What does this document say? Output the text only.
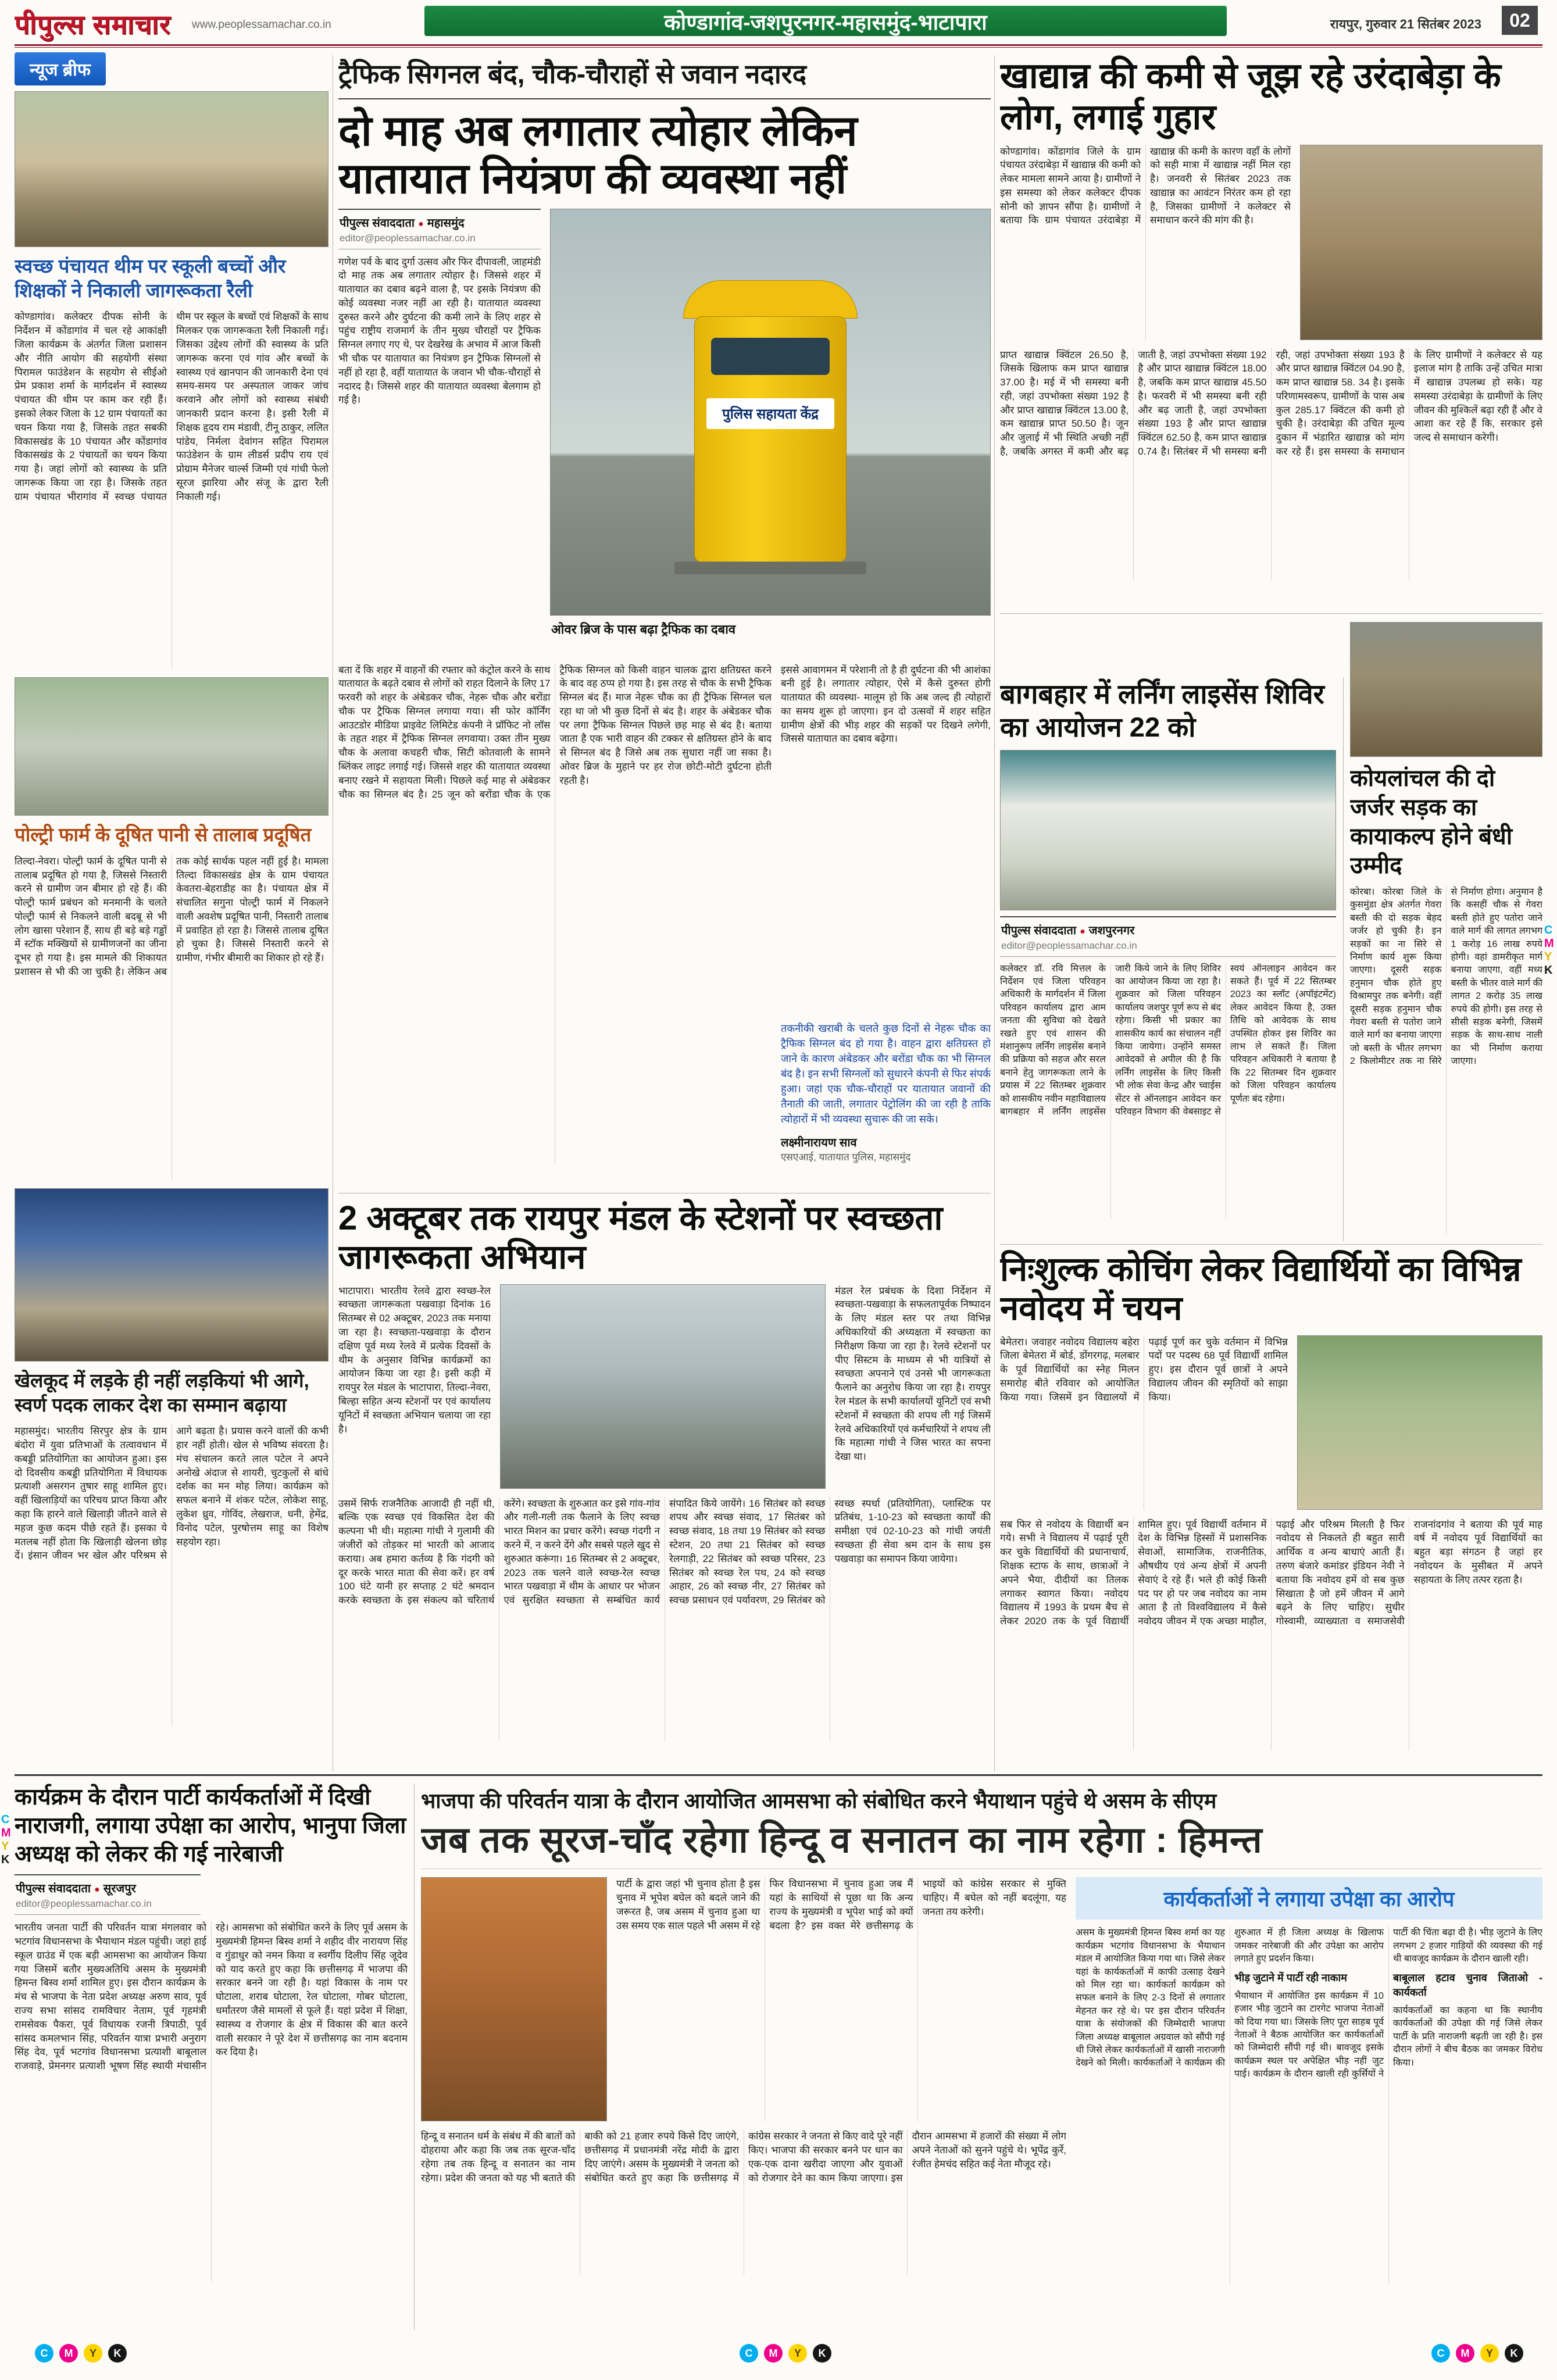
पीपुल्स समाचार www.peoplessamachar.co.in	कोण्डागांव-जशपुरनगर-महासमुंद-भाटापारा	रायपुर, गुरुवार 21 सितंबर 2023	02
न्यूज ब्रीफ
स्वच्छ पंचायत थीम पर स्कूली बच्चों और शिक्षकों ने निकाली जागरूकता रैली
कोण्डागांव। कलेक्टर दीपक सोनी के निर्देशन में कोंडागांव में चल रहे आकांक्षी जिला कार्यक्रम के अंतर्गत जिला प्रशासन और नीति आयोग की सहयोगी संस्था पिरामल फाउंडेशन के सहयोग से सीईओ प्रेम प्रकाश शर्मा के मार्गदर्शन में स्वास्थ्य पंचायत की थीम पर काम कर रही हैं। इसको लेकर जिला के 12 ग्राम पंचायतों का चयन किया गया है, जिसके तहत सबकी विकासखंड के 10 पंचायत और कोंडागांव विकासखंड के 2 पंचायतों का चयन किया गया है। जहां लोगों को स्वास्थ्य के प्रति जागरूक किया जा रहा है। जिसके तहत ग्राम पंचायत भीरागांव में स्वच्छ पंचायत थीम पर स्कूल के बच्चों एवं शिक्षकों के साथ मिलकर एक जागरूकता रैली निकाली गई। जिसका उद्देश्य लोगों की स्वास्थ्य के प्रति जागरूक करना एवं गांव और बच्चों के स्वास्थ्य एवं खानपान की जानकारी देना एवं समय-समय पर अस्पताल जाकर जांच करवाने और लोगों को स्वास्थ्य संबंधी जानकारी प्रदान करना है। इसी रैली में शिक्षक हृदय राम मंडावी, टीनू ठाकुर, ललित पांडेय, निर्मला देवांगन सहित पिरामल फाउंडेशन के ग्राम लीडर्स प्रदीप राय एवं प्रोग्राम मैनेजर चार्ल्स जिम्मी एवं गांधी फेलो सूरज झारिया और संजू के द्वारा रैली निकाली गई।
पोल्ट्री फार्म के दूषित पानी से तालाब प्रदूषित
तिल्दा-नेवरा। पोल्ट्री फार्म के दूषित पानी से तालाब प्रदूषित हो गया है, जिससे निस्तारी करने से ग्रामीण जन बीमार हो रहे हैं। की पोल्ट्री फार्म प्रबंधन को मनमानी के चलते पोल्ट्री फार्म से निकलने वाली बदबू से भी लोग खासा परेशान हैं, साथ ही बड़े बड़े गड्ढों में स्टॉक मक्खियों से ग्रामीणजनों का जीना दूभर हो गया है। इस मामले की शिकायत प्रशासन से भी की जा चुकी है। लेकिन अब तक कोई सार्थक पहल नहीं हुई है। मामला तिल्दा विकासखंड क्षेत्र के ग्राम पंचायत केवतरा-बेहराडीह का है। पंचायत क्षेत्र में संचालित सगुना पोल्ट्री फार्म में निकलने वाली अवशेष प्रदूषित पानी, निस्तारी तालाब में प्रवाहित हो रहा है। जिससे तालाब दूषित हो चुका है। जिससे निस्तारी करने से ग्रामीण, गंभीर बीमारी का शिकार हो रहे हैं।
खेलकूद में लड़के ही नहीं लड़कियां भी आगे, स्वर्ण पदक लाकर देश का सम्मान बढ़ाया
महासमुंद। भारतीय सिरपुर क्षेत्र के ग्राम बंदोरा में युवा प्रतिभाओं के तत्वावधान में कबड्डी प्रतियोगिता का आयोजन हुआ। इस दो दिवसीय कबड्डी प्रतियोगिता में विधायक प्रत्याशी असरगन तुषार साहू शामिल हुए। वहीं खिलाड़ियों का परिचय प्राप्त किया और कहा कि हारने वाले खिलाड़ी जीतने वाले से महज कुछ कदम पीछे रहते हैं। इसका ये मतलब नहीं होता कि खिलाड़ी खेलना छोड़ दें। इंसान जीवन भर खेल और परिश्रम से आगे बढ़ता है। प्रयास करने वालों की कभी हार नहीं होती। खेल से भविष्य संवरता है। मंच संचालन करते लाल पटेल ने अपने अनोखे अंदाज से शायरी, चुटकुलों से बांधे दर्शक का मन मोह लिया। कार्यक्रम को सफल बनाने में शंकर पटेल, लोकेश साहू, लुकेश ध्रुव, गोविंद, लेखराज, धनी, हेमेंद्र, विनोद पटेल, पुरषोत्तम साहू का विशेष सहयोग रहा।
ट्रैफिक सिगनल बंद, चौक-चौराहों से जवान नदारद
दो माह अब लगातार त्योहार लेकिन यातायात नियंत्रण की व्यवस्था नहीं
पीपुल्स संवाददाता ● महासमुंद
editor@peoplessamachar.co.in
गणेश पर्व के बाद दुर्गा उत्सव और फिर दीपावली, जाहमंडी दो माह तक अब लगातार त्योहार है। जिससे शहर में यातायात का दबाव बढ़ने वाला है, पर इसके नियंत्रण की कोई व्यवस्था नजर नहीं आ रही है। यातायात व्यवस्था दुरुस्त करने और दुर्घटना की कमी लाने के लिए शहर से पहुंच राष्ट्रीय राजमार्ग के तीन मुख्य चौराहों पर ट्रैफिक सिग्नल लगाए गए थे, पर देखरेख के अभाव में आज किसी भी चौक पर यातायात का नियंत्रण इन ट्रैफिक सिग्नलों से नहीं हो रहा है, वहीं यातायात के जवान भी चौक-चौराहों से नदारद है। जिससे शहर की यातायात व्यवस्था बेलगाम हो गई है।
पुलिस सहायता केंद्र
ओवर ब्रिज के पास बढ़ा ट्रैफिक का दबाव
बता दें कि शहर में वाहनों की रफ्तार को कंट्रोल करने के साथ यातायात के बढ़ते दबाव से लोगों को राहत दिलाने के लिए 17 फरवरी को शहर के अंबेडकर चौक, नेहरू चौक और बरोंडा चौक पर ट्रैफिक सिग्नल लगाया गया। सी फोर कॉर्निंग आउटडोर मीडिया प्राइवेट लिमिटेड कंपनी ने प्रॉफिट नो लॉस के तहत शहर में ट्रैफिक सिग्नल लगवाया। उक्त तीन मुख्य चौक के अलावा कचहरी चौक, सिटी कोतवाली के सामने ब्लिंकर लाइट लगाई गई। जिससे शहर की यातायात व्यवस्था बनाए रखने में सहायता मिली। पिछले कई माह से अंबेडकर चौक का सिग्नल बंद है। 25 जून को बरोंडा चौक के एक ट्रैफिक सिग्नल को किसी वाहन चालक द्वारा क्षतिग्रस्त करने के बाद वह ठप्प हो गया है। इस तरह से चौक के सभी ट्रैफिक सिग्नल बंद हैं। माज नेहरू चौक का ही ट्रैफिक सिग्नल चल रहा था जो भी कुछ दिनों से बंद है। शहर के अंबेडकर चौक पर लगा ट्रैफिक सिग्नल पिछले छह माह से बंद है। बताया जाता है एक भारी वाहन की टक्कर से क्षतिग्रस्त होने के बाद से सिग्नल बंद है जिसे अब तक सुधारा नहीं जा सका है। ओवर ब्रिज के मुहाने पर हर रोज छोटी-मोटी दुर्घटना होती रहती है।
इससे आवागमन में परेशानी तो है ही दुर्घटना की भी आशंका बनी हुई है। लगातार त्योहार, ऐसे में कैसे दुरुस्त होगी यातायात की व्यवस्था- मालूम हो कि अब जल्द ही त्योहारों का समय शुरू हो जाएगा। इन दो उत्सवों में शहर सहित ग्रामीण क्षेत्रों की भीड़ शहर की सड़कों पर दिखने लगेगी, जिससे यातायात का दबाव बढ़ेगा।
तकनीकी खराबी के चलते कुछ दिनों से नेहरू चौक का ट्रैफिक सिग्नल बंद हो गया है। वाहन द्वारा क्षतिग्रस्त हो जाने के कारण अंबेडकर और बरोंडा चौक का भी सिग्नल बंद है। इन सभी सिग्नलों को सुधारने कंपनी से फिर संपर्क हुआ। जहां एक चौक-चौराहों पर यातायात जवानों की तैनाती की जाती, लगातार पेट्रोलिंग की जा रही है ताकि त्योहारों में भी व्यवस्था सुचारू की जा सके।
लक्ष्मीनारायण साव
एसएआई, यातायात पुलिस, महासमुंद
खाद्यान्न की कमी से जूझ रहे उरंदाबेड़ा के लोग, लगाई गुहार
कोण्डागांव। कोंडागांव जिले के ग्राम पंचायत उरंदाबेड़ा में खाद्यान्न की कमी को लेकर मामला सामने आया है। ग्रामीणों ने इस समस्या को लेकर कलेक्टर दीपक सोनी को ज्ञापन सौंपा है। ग्रामीणों ने बताया कि ग्राम पंचायत उरंदाबेड़ा में खाद्यान्न की कमी के कारण वहाँ के लोगों को सही मात्रा में खाद्यान्न नहीं मिल रहा है। जनवरी से सितंबर 2023 तक खाद्यान्न का आवंटन निरंतर कम हो रहा है, जिसका ग्रामीणों ने कलेक्टर से समाधान करने की मांग की है।
प्राप्त खाद्यान्न क्विंटल 26.50 है, जिसके खिलाफ कम प्राप्त खाद्यान्न 37.00 है। मई में भी समस्या बनी रही, जहां उपभोक्ता संख्या 192 है और प्राप्त खाद्यान्न क्विंटल 13.00 है, कम खाद्यान्न प्राप्त 50.50 है। जून और जुलाई में भी स्थिति अच्छी नहीं है, जबकि अगस्त में कमी और बढ़ जाती है, जहां उपभोक्ता संख्या 192 है और प्राप्त खाद्यान्न क्विंटल 18.00 है, जबकि कम प्राप्त खाद्यान्न 45.50 है। फरवरी में भी समस्या बनी रही और बढ़ जाती है, जहां उपभोक्ता संख्या 193 है और प्राप्त खाद्यान्न क्विंटल 62.50 है, कम प्राप्त खाद्यान्न 0.74 है। सितंबर में भी समस्या बनी रही, जहां उपभोक्ता संख्या 193 है और प्राप्त खाद्यान्न क्विंटल 04.90 है, कम प्राप्त खाद्यान्न 58. 34 है। इसके परिणामस्वरूप, ग्रामीणों के पास अब कुल 285.17 क्विंटल की कमी हो चुकी है। उरंदाबेड़ा की उचित मूल्य दुकान में भंडारित खाद्यान्न को मांग कर रहे हैं। इस समस्या के समाधान के लिए ग्रामीणों ने कलेक्टर से यह इलाज मांग है ताकि उन्हें उचित मात्रा में खाद्यान्न उपलब्ध हो सके। यह समस्या उरंदाबेड़ा के ग्रामीणों के लिए जीवन की मुश्किलें बढ़ा रही हैं और वे आशा कर रहे हैं कि, सरकार इसे जल्द से समाधान करेगी।
बागबहार में लर्निंग लाइसेंस शिविर का आयोजन 22 को
पीपुल्स संवाददाता ● जशपुरनगर
editor@peoplessamachar.co.in
कलेक्टर डॉ. रवि मित्तल के निर्देशन एवं जिला परिवहन अधिकारी के मार्गदर्शन में जिला परिवहन कार्यालय द्वारा आम जनता की सुविधा को देखते रखते हुए एवं शासन की मंशानुरूप लर्निंग लाइसेंस बनाने की प्रक्रिया को सहज और सरल बनाने हेतु जागरूकता लाने के प्रयास में 22 सितम्बर शुक्रवार को शासकीय नवीन महाविद्यालय बागबहार में लर्निंग लाइसेंस जारी किये जाने के लिए शिविर का आयोजन किया जा रहा है। शुक्रवार को जिला परिवहन कार्यालय जशपुर पूर्ण रूप से बंद रहेगा। किसी भी प्रकार का शासकीय कार्य का संचालन नहीं किया जायेगा। उन्होंने समस्त आवेदकों से अपील की है कि लर्निंग लाइसेंस के लिए किसी भी लोक सेवा केन्द्र और च्वाईस सेंटर से ऑनलाइन आवेदन कर परिवहन विभाग की वेबसाइट से स्वयं ऑनलाइन आवेदन कर सकते हैं। पूर्व में 22 सितम्बर 2023 का स्लॉट (अपॉइंटमेंट) लेकर आवेदन किया है, उक्त तिथि को आवेदक के साथ उपस्थित होकर इस शिविर का लाभ ले सकते हैं। जिला परिवहन अधिकारी ने बताया है कि 22 सितम्बर दिन शुक्रवार को जिला परिवहन कार्यालय पूर्णतः बंद रहेगा।
कोयलांचल की दो जर्जर सड़क का कायाकल्प होने बंधी उम्मीद
कोरबा। कोरबा जिले के कुसमुंडा क्षेत्र अंतर्गत गेवरा बस्ती की दो सड़क बेहद जर्जर हो चुकी है। इन सड़कों का ना सिरे से निर्माण कार्य शुरू किया जाएगा। दूसरी सड़क हनुमान चौक होते हुए विश्रामपुर तक बनेगी। वहीं दूसरी सड़क हनुमान चौक गेवरा बस्ती से पतोरा जाने वाले मार्ग का बनाया जाएगा जो बस्ती के भीतर लगभग 2 किलोमीटर तक ना सिरे से निर्माण होगा। अनुमान है कि कसहीं चौक से गेवरा बस्ती होते हुए पतोरा जाने वाले मार्ग की लागत लगभग 1 करोड़ 16 लाख रुपये होगी। वहां डामरीकृत मार्ग बनाया जाएगा, वहीं मध्य बस्ती के भीतर वाले मार्ग की लागत 2 करोड़ 35 लाख रुपये की होगी। इस तरह से सीसी सड़क बनेगी, जिसमें सड़क के साथ-साथ नाली का भी निर्माण कराया जाएगा।
2 अक्टूबर तक रायपुर मंडल के स्टेशनों पर स्वच्छता जागरूकता अभियान
भाटापारा। भारतीय रेलवे द्वारा स्वच्छ-रेल स्वच्छता जागरूकता पखवाड़ा दिनांक 16 सितम्बर से 02 अक्टूबर, 2023 तक मनाया जा रहा है। स्वच्छता-पखवाड़ा के दौरान दक्षिण पूर्व मध्य रेलवे में प्रत्येक दिवसों के थीम के अनुसार विभिन्न कार्यक्रमों का आयोजन किया जा रहा है। इसी कड़ी में रायपुर रेल मंडल के भाटापारा, तिल्दा-नेवरा, बिल्हा सहित अन्य स्टेशनों पर एवं कार्यालय यूनिटों में स्वच्छता अभियान चलाया जा रहा है।
मंडल रेल प्रबंधक के दिशा निर्देशन में स्वच्छता-पखवाड़ा के सफलतापूर्वक निष्पादन के लिए मंडल स्तर पर तथा विभिन्न अधिकारियों की अध्यक्षता में स्वच्छता का निरीक्षण किया जा रहा है। रेलवे स्टेशनों पर पीए सिस्टम के माध्यम से भी यात्रियों से स्वच्छता अपनाने एवं उनसे भी जागरूकता फैलाने का अनुरोध किया जा रहा है। रायपुर रेल मंडल के सभी कार्यालयों यूनिटों एवं सभी स्टेशनों में स्वच्छता की शपथ ली गई जिसमें रेलवे अधिकारियों एवं कर्मचारियों ने शपथ ली कि महात्मा गांधी ने जिस भारत का सपना देखा था।
उसमें सिर्फ राजनैतिक आजादी ही नहीं थी, बल्कि एक स्वच्छ एवं विकसित देश की कल्पना भी थी। महात्मा गांधी ने गुलामी की जंजीरों को तोड़कर मां भारती को आजाद कराया। अब हमारा कर्तव्य है कि गंदगी को दूर करके भारत माता की सेवा करें। हर वर्ष 100 घंटे यानी हर सप्ताह 2 घंटे श्रमदान करके स्वच्छता के इस संकल्प को चरितार्थ करेंगे। स्वच्छता के शुरुआत कर इसे गांव-गांव और गली-गली तक फैलाने के लिए स्वच्छ भारत मिशन का प्रचार करेंगे। स्वच्छ गंदगी न करने में, न करने देंगे और सबसे पहले खुद से शुरुआत करूंगा। 16 सितम्बर से 2 अक्टूबर, 2023 तक चलने वाले स्वच्छ-रेल स्वच्छ भारत पखवाड़ा में थीम के आधार पर भोजन एवं सुरक्षित स्वच्छता से सम्बंधित कार्य संपादित किये जायेंगे। 16 सितंबर को स्वच्छ शपथ और स्वच्छ संवाद, 17 सितंबर को स्वच्छ संवाद, 18 तथा 19 सितंबर को स्वच्छ स्टेशन, 20 तथा 21 सितंबर को स्वच्छ रेलगाड़ी, 22 सितंबर को स्वच्छ परिसर, 23 सितंबर को स्वच्छ रेल पथ, 24 को स्वच्छ आहार, 26 को स्वच्छ नीर, 27 सितंबर को स्वच्छ प्रसाधन एवं पर्यावरण, 29 सितंबर को स्वच्छ स्पर्धा (प्रतियोगिता), प्लास्टिक पर प्रतिबंध, 1-10-23 को स्वच्छता कार्यों की समीक्षा एवं 02-10-23 को गांधी जयंती स्वच्छता ही सेवा श्रम दान के साथ इस पखवाड़ा का समापन किया जायेगा।
निःशुल्क कोचिंग लेकर विद्यार्थियों का विभिन्न नवोदय में चयन
बेमेतरा। जवाहर नवोदय विद्यालय बहेरा जिला बेमेतरा में बोर्ड, डोंगरगढ़, मलबार के पूर्व विद्यार्थियों का स्नेह मिलन समारोह बीते रविवार को आयोजित किया गया। जिसमें इन विद्यालयों में पढ़ाई पूर्ण कर चुके वर्तमान में विभिन्न पदों पर पदस्थ 68 पूर्व विद्यार्थी शामिल हुए। इस दौरान पूर्व छात्रों ने अपने विद्यालय जीवन की स्मृतियों को साझा किया।
सब फिर से नवोदय के विद्यार्थी बन गये। सभी ने विद्यालय में पढ़ाई पूरी कर चुके विद्यार्थियों की प्रधानाचार्य, शिक्षक स्टाफ के साथ, छात्राओं ने अपने भैया, दीदीयों का तिलक लगाकर स्वागत किया। नवोदय विद्यालय में 1993 के प्रथम बैच से लेकर 2020 तक के पूर्व विद्यार्थी शामिल हुए। पूर्व विद्यार्थी वर्तमान में देश के विभिन्न हिस्सों में प्रशासनिक सेवाओं, सामाजिक, राजनीतिक, औषधीय एवं अन्य क्षेत्रों में अपनी सेवाएं दे रहे हैं। भले ही कोई किसी पद पर हो पर जब नवोदय का नाम आता है तो विश्वविद्यालय में कैसे नवोदय जीवन में एक अच्छा माहौल, पढ़ाई और परिश्रम मिलती है फिर नवोदय से निकलते ही बहुत सारी आर्थिक व अन्य बाधाएं आती हैं। तरुण बंजारे कमांडर इंडियन नेवी ने बताया कि नवोदय हमें वो सब कुछ सिखाता है जो हमें जीवन में आगे बढ़ने के लिए चाहिए। सुधीर गोस्वामी, व्याख्याता व समाजसेवी राजनांदगांव ने बताया की पूर्व माह वर्ष में नवोदय पूर्व विद्यार्थियों का बहुत बड़ा संगठन है जहां हर नवोदयन के मुसीबत में अपने सहायता के लिए तत्पर रहता है।
कार्यक्रम के दौरान पार्टी कार्यकर्ताओं में दिखी नाराजगी, लगाया उपेक्षा का आरोप, भानुपा जिला अध्यक्ष को लेकर की गई नारेबाजी
पीपुल्स संवाददाता ● सूरजपुर
editor@peoplessamachar.co.in
भारतीय जनता पार्टी की परिवर्तन यात्रा मंगलवार को भटगांव विधानसभा के भैयाथान मंडल पहुंची। जहां हाई स्कूल ग्राउंड में एक बड़ी आमसभा का आयोजन किया गया जिसमें बतौर मुख्यअतिथि असम के मुख्यमंत्री हिमन्त बिस्व शर्मा शामिल हुए। इस दौरान कार्यक्रम के मंच से भाजपा के नेता प्रदेश अध्यक्ष अरुण साव, पूर्व राज्य सभा सांसद रामविचार नेताम, पूर्व गृहमंत्री रामसेवक पैकरा, पूर्व विधायक रजनी त्रिपाठी, पूर्व सांसद कमलभान सिंह, परिवर्तन यात्रा प्रभारी अनुराग सिंह देव, पूर्व भटगांव विधानसभा प्रत्याशी बाबूलाल राजवाड़े, प्रेमनगर प्रत्याशी भूषण सिंह स्थायी मंचासीन रहे। आमसभा को संबोधित करने के लिए पूर्व असम के मुख्यमंत्री हिमन्त बिस्व शर्मा ने शहीद वीर नारायण सिंह व गुंडाधुर को नमन किया व स्वर्गीय दिलीप सिंह जूदेव को याद करते हुए कहा कि छत्तीसगढ़ में भाजपा की सरकार बनने जा रही है। यहां विकास के नाम पर घोटाला, शराब घोटाला, रेल घोटाला, गोबर घोटाला, धर्मांतरण जैसे मामलों से फूले हैं। यहां प्रदेश में शिक्षा, स्वास्थ्य व रोजगार के क्षेत्र में विकास की बात करने वाली सरकार ने पूरे देश में छत्तीसगढ़ का नाम बदनाम कर दिया है।
भाजपा की परिवर्तन यात्रा के दौरान आयोजित आमसभा को संबोधित करने भैयाथान पहुंचे थे असम के सीएम
जब तक सूरज-चाँद रहेगा हिन्दू व सनातन का नाम रहेगा : हिमन्त
पार्टी के द्वारा जहां भी चुनाव होता है इस चुनाव में भूपेश बघेल को बदले जाने की जरूरत है, जब असम में चुनाव हुआ था उस समय एक साल पहले भी असम में रहे फिर विधानसभा में चुनाव हुआ जब मैं यहां के साथियों से पूछा था कि अन्य राज्य के मुख्यमंत्री व भूपेश भाई को क्यों बदला है? इस वक्त मेरे छत्तीसगढ़ के भाइयों को कांग्रेस सरकार से मुक्ति चाहिए। मैं बघेल को नहीं बदलूंगा, यह जनता तय करेगी।
हिन्दू व सनातन धर्म के संबंध में की बातों को दोहराया और कहा कि जब तक सूरज-चाँद रहेगा तब तक हिन्दू व सनातन का नाम रहेगा। प्रदेश की जनता को यह भी बताते की बाकी को 21 हजार रुपये किसे दिए जाएंगे, छत्तीसगढ़ में प्रधानमंत्री नरेंद्र मोदी के द्वारा दिए जाएंगे। असम के मुख्यमंत्री ने जनता को संबोधित करते हुए कहा कि छत्तीसगढ़ में कांग्रेस सरकार ने जनता से किए वादे पूरे नहीं किए। भाजपा की सरकार बनने पर धान का एक-एक दाना खरीदा जाएगा और युवाओं को रोजगार देने का काम किया जाएगा। इस दौरान आमसभा में हजारों की संख्या में लोग अपने नेताओं को सुनने पहुंचे थे। भूपेंद्र कुर्रे, रंजीत हेमचंद सहित कई नेता मौजूद रहे।
कार्यकर्ताओं ने लगाया उपेक्षा का आरोप
असम के मुख्यमंत्री हिमन्त बिस्व शर्मा का यह कार्यक्रम भटगांव विधानसभा के भैयाथान मंडल में आयोजित किया गया था। जिसे लेकर यहां के कार्यकर्ताओं में काफी उत्साह देखने को मिल रहा था। कार्यकर्ता कार्यक्रम को सफल बनाने के लिए 2-3 दिनों से लगातार मेहनत कर रहे थे। पर इस दौरान परिवर्तन यात्रा के संयोजकों की जिम्मेदारी भाजपा जिला अध्यक्ष बाबूलाल अग्रवाल को सौंपी गई थी जिसे लेकर कार्यकर्ताओं में खासी नाराजगी देखने को मिली। कार्यकर्ताओं ने कार्यक्रम की शुरुआत में ही जिला अध्यक्ष के खिलाफ जमकर नारेबाजी की और उपेक्षा का आरोप लगाते हुए प्रदर्शन किया।
भीड़ जुटाने में पार्टी रही नाकाम
भैयाथान में आयोजित इस कार्यक्रम में 10 हजार भीड़ जुटाने का टारगेट भाजपा नेताओं को दिया गया था। जिसके लिए पूरा साहब पूर्व नेताओं ने बैठक आयोजित कर कार्यकर्ताओं को जिम्मेदारी सौंपी गई थी। बावजूद इसके कार्यक्रम स्थल पर अपेक्षित भीड़ नहीं जुट पाई। कार्यक्रम के दौरान खाली रही कुर्सियों ने पार्टी की चिंता बढ़ा दी है। भीड़ जुटाने के लिए लगभग 2 हजार गाड़ियों की व्यवस्था की गई थी बावजूद कार्यक्रम के दौरान खाली रही।
बाबूलाल हटाव चुनाव जिताओ - कार्यकर्ता
कार्यकर्ताओं का कहना था कि स्थानीय कार्यकर्ताओं की उपेक्षा की गई जिसे लेकर पार्टी के प्रति नाराजगी बढ़ती जा रही है। इस दौरान लोगों ने बीच बैठक का जमकर विरोध किया।
C	M	Y	K	C	M	Y	K	C	M	Y	K
C
M
Y
K
C
M
Y
K
